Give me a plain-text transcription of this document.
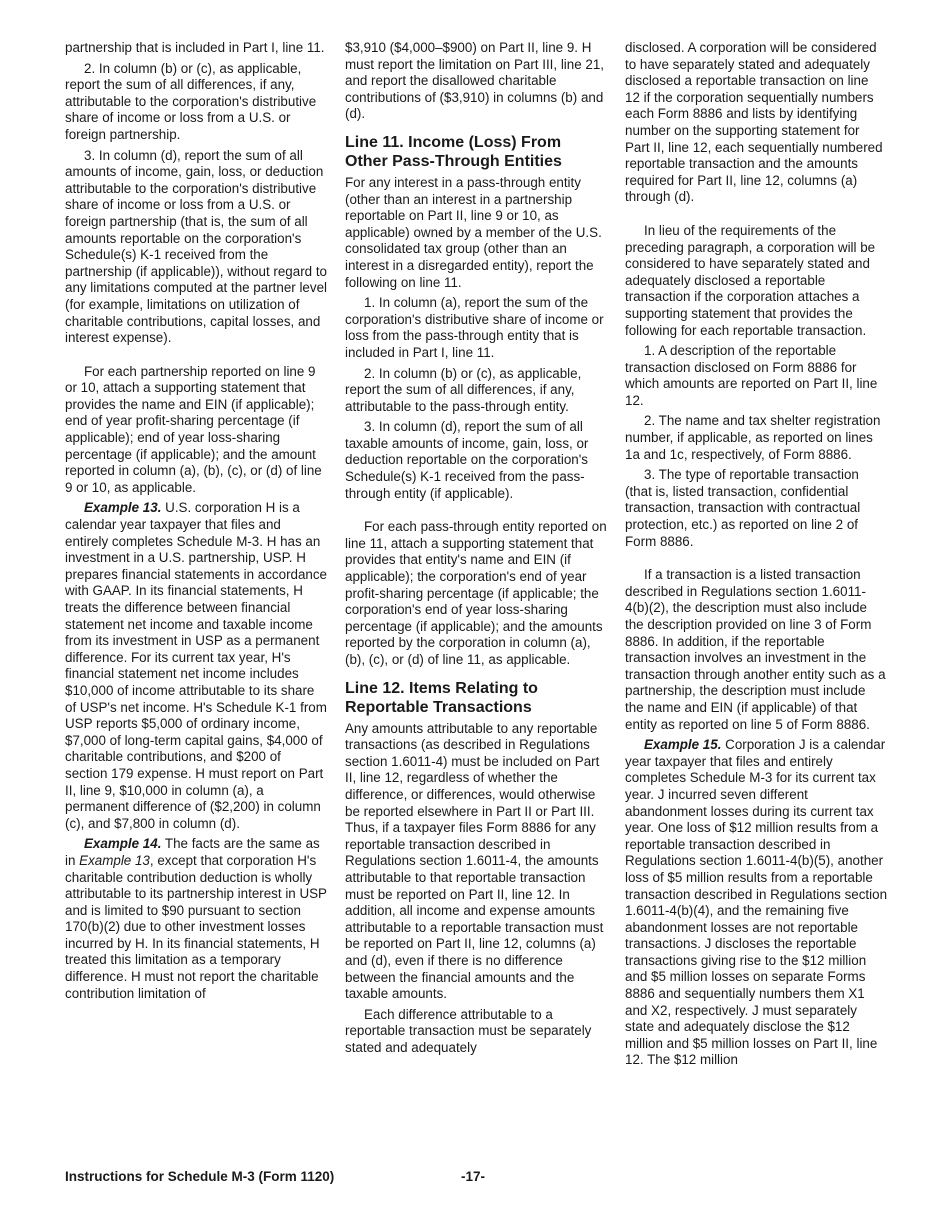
partnership that is included in Part I, line 11.

2. In column (b) or (c), as applicable, report the sum of all differences, if any, attributable to the corporation's distributive share of income or loss from a U.S. or foreign partnership.

3. In column (d), report the sum of all amounts of income, gain, loss, or deduction attributable to the corporation's distributive share of income or loss from a U.S. or foreign partnership (that is, the sum of all amounts reportable on the corporation's Schedule(s) K-1 received from the partnership (if applicable)), without regard to any limitations computed at the partner level (for example, limitations on utilization of charitable contributions, capital losses, and interest expense).

For each partnership reported on line 9 or 10, attach a supporting statement that provides the name and EIN (if applicable); end of year profit-sharing percentage (if applicable); end of year loss-sharing percentage (if applicable); and the amount reported in column (a), (b), (c), or (d) of line 9 or 10, as applicable.

Example 13. U.S. corporation H is a calendar year taxpayer that files and entirely completes Schedule M-3. H has an investment in a U.S. partnership, USP. H prepares financial statements in accordance with GAAP. In its financial statements, H treats the difference between financial statement net income and taxable income from its investment in USP as a permanent difference. For its current tax year, H's financial statement net income includes $10,000 of income attributable to its share of USP's net income. H's Schedule K-1 from USP reports $5,000 of ordinary income, $7,000 of long-term capital gains, $4,000 of charitable contributions, and $200 of section 179 expense. H must report on Part II, line 9, $10,000 in column (a), a permanent difference of ($2,200) in column (c), and $7,800 in column (d).

Example 14. The facts are the same as in Example 13, except that corporation H's charitable contribution deduction is wholly attributable to its partnership interest in USP and is limited to $90 pursuant to section 170(b)(2) due to other investment losses incurred by H. In its financial statements, H treated this limitation as a temporary difference. H must not report the charitable contribution limitation of

$3,910 ($4,000–$900) on Part II, line 9. H must report the limitation on Part III, line 21, and report the disallowed charitable contributions of ($3,910) in columns (b) and (d).

Line 11. Income (Loss) From Other Pass-Through Entities

For any interest in a pass-through entity (other than an interest in a partnership reportable on Part II, line 9 or 10, as applicable) owned by a member of the U.S. consolidated tax group (other than an interest in a disregarded entity), report the following on line 11.

1. In column (a), report the sum of the corporation's distributive share of income or loss from the pass-through entity that is included in Part I, line 11.

2. In column (b) or (c), as applicable, report the sum of all differences, if any, attributable to the pass-through entity.

3. In column (d), report the sum of all taxable amounts of income, gain, loss, or deduction reportable on the corporation's Schedule(s) K-1 received from the pass-through entity (if applicable).

For each pass-through entity reported on line 11, attach a supporting statement that provides that entity's name and EIN (if applicable); the corporation's end of year profit-sharing percentage (if applicable; the corporation's end of year loss-sharing percentage (if applicable); and the amounts reported by the corporation in column (a), (b), (c), or (d) of line 11, as applicable.

Line 12. Items Relating to Reportable Transactions

Any amounts attributable to any reportable transactions (as described in Regulations section 1.6011-4) must be included on Part II, line 12, regardless of whether the difference, or differences, would otherwise be reported elsewhere in Part II or Part III. Thus, if a taxpayer files Form 8886 for any reportable transaction described in Regulations section 1.6011-4, the amounts attributable to that reportable transaction must be reported on Part II, line 12. In addition, all income and expense amounts attributable to a reportable transaction must be reported on Part II, line 12, columns (a) and (d), even if there is no difference between the financial amounts and the taxable amounts.

Each difference attributable to a reportable transaction must be separately stated and adequately

disclosed. A corporation will be considered to have separately stated and adequately disclosed a reportable transaction on line 12 if the corporation sequentially numbers each Form 8886 and lists by identifying number on the supporting statement for Part II, line 12, each sequentially numbered reportable transaction and the amounts required for Part II, line 12, columns (a) through (d).

In lieu of the requirements of the preceding paragraph, a corporation will be considered to have separately stated and adequately disclosed a reportable transaction if the corporation attaches a supporting statement that provides the following for each reportable transaction.

1. A description of the reportable transaction disclosed on Form 8886 for which amounts are reported on Part II, line 12.

2. The name and tax shelter registration number, if applicable, as reported on lines 1a and 1c, respectively, of Form 8886.

3. The type of reportable transaction (that is, listed transaction, confidential transaction, transaction with contractual protection, etc.) as reported on line 2 of Form 8886.

If a transaction is a listed transaction described in Regulations section 1.6011-4(b)(2), the description must also include the description provided on line 3 of Form 8886. In addition, if the reportable transaction involves an investment in the transaction through another entity such as a partnership, the description must include the name and EIN (if applicable) of that entity as reported on line 5 of Form 8886.

Example 15. Corporation J is a calendar year taxpayer that files and entirely completes Schedule M-3 for its current tax year. J incurred seven different abandonment losses during its current tax year. One loss of $12 million results from a reportable transaction described in Regulations section 1.6011-4(b)(5), another loss of $5 million results from a reportable transaction described in Regulations section 1.6011-4(b)(4), and the remaining five abandonment losses are not reportable transactions. J discloses the reportable transactions giving rise to the $12 million and $5 million losses on separate Forms 8886 and sequentially numbers them X1 and X2, respectively. J must separately state and adequately disclose the $12 million and $5 million losses on Part II, line 12. The $12 million

Instructions for Schedule M-3 (Form 1120)	-17-
